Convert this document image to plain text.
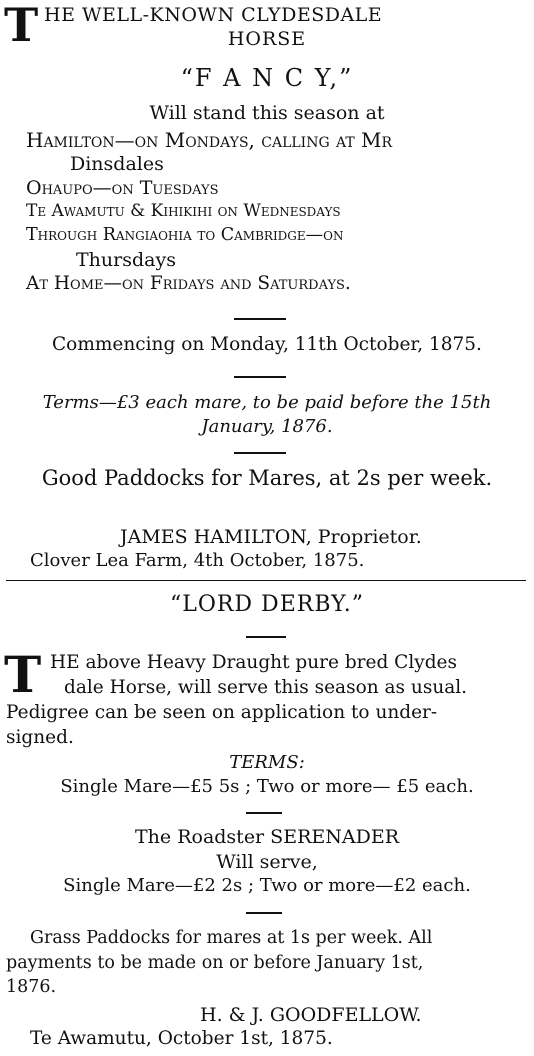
T HE WELL-KNOWN CLYDESDALE
HORSE
“F A N C Y,”
Will stand this season at
Hamilton—on Mondays, calling at Mr
Dinsdales
Ohaupo—on Tuesdays
Te Awamutu & Kihikihi on Wednesdays
Through Rangiaohia to Cambridge—on
Thursdays
At Home—on Fridays and Saturdays.
Commencing on Monday, 11th October, 1875.
Terms—£3 each mare, to be paid before the 15th
January, 1876.
Good Paddocks for Mares, at 2s per week.
JAMES HAMILTON, Proprietor.
Clover Lea Farm, 4th October, 1875.
“LORD DERBY.”
T HE above Heavy Draught pure bred Clydes
dale Horse, will serve this season as usual.
Pedigree can be seen on application to under-
signed.
TERMS:
Single Mare—£5 5s ; Two or more— £5 each.
The Roadster SERENADER
Will serve,
Single Mare—£2 2s ; Two or more—£2 each.
Grass Paddocks for mares at 1s per week. All
payments to be made on or before January 1st,
1876.
H. & J. GOODFELLOW.
Te Awamutu, October 1st, 1875.
